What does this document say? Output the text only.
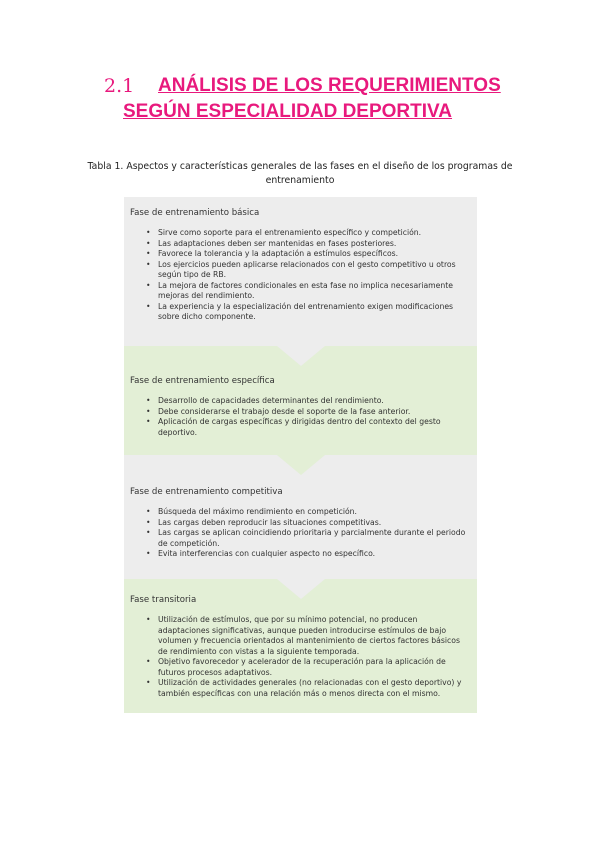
2.1	ANÁLISIS DE LOS REQUERIMIENTOS SEGÚN ESPECIALIDAD DEPORTIVA
Tabla 1. Aspectos y características generales de las fases en el diseño de los programas de entrenamiento
Fase de entrenamiento básica
• Sirve como soporte para el entrenamiento específico y competición.
• Las adaptaciones deben ser mantenidas en fases posteriores.
• Favorece la tolerancia y la adaptación a estímulos específicos.
• Los ejercicios pueden aplicarse relacionados con el gesto competitivo u otros según tipo de RB.
• La mejora de factores condicionales en esta fase no implica necesariamente mejoras del rendimiento.
• La experiencia y la especialización del entrenamiento exigen modificaciones sobre dicho componente.
Fase de entrenamiento específica
• Desarrollo de capacidades determinantes del rendimiento.
• Debe considerarse el trabajo desde el soporte de la fase anterior.
• Aplicación de cargas específicas y dirigidas dentro del contexto del gesto deportivo.
Fase de entrenamiento competitiva
• Búsqueda del máximo rendimiento en competición.
• Las cargas deben reproducir las situaciones competitivas.
• Las cargas se aplican coincidiendo prioritaria y parcialmente durante el periodo de competición.
• Evita interferencias con cualquier aspecto no específico.
Fase transitoria
• Utilización de estímulos, que por su mínimo potencial, no producen adaptaciones significativas, aunque pueden introducirse estímulos de bajo volumen y frecuencia orientados al mantenimiento de ciertos factores básicos de rendimiento con vistas a la siguiente temporada.
• Objetivo favorecedor y acelerador de la recuperación para la aplicación de futuros procesos adaptativos.
• Utilización de actividades generales (no relacionadas con el gesto deportivo) y también específicas con una relación más o menos directa con el mismo.
